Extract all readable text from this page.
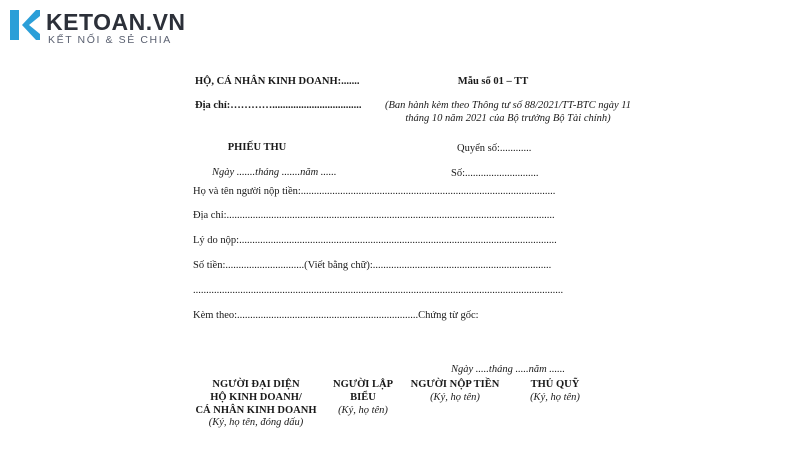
KETOAN.VN
KẾT NỐI & SẺ CHIA
HỘ, CÁ NHÂN KINH DOANH:.......
Địa chỉ:…………..................................
Mẫu số 01 – TT
(Ban hành kèm theo Thông tư số 88/2021/TT-BTC ngày 11 tháng 10 năm 2021 của Bộ trưởng Bộ Tài chính)
PHIẾU THU	Quyển số:............
Ngày .......tháng .......năm ......	Số:............................
Họ và tên người nộp tiền:.................................................................................................
Địa chỉ:.............................................................................................................................
Lý do nộp:.........................................................................................................................
Số tiền:..............................(Viết bằng chữ):....................................................................
.............................................................................................................................................
Kèm theo:.....................................................................Chứng từ gốc:
Ngày .....tháng .....năm ......
NGƯỜI ĐẠI DIỆN
HỘ KINH DOANH/
CÁ NHÂN KINH DOANH
(Ký, họ tên, đóng dấu)
NGƯỜI LẬP
BIỂU
(Ký, họ tên)
NGƯỜI NỘP TIỀN
(Ký, họ tên)
THỦ QUỸ
(Ký, họ tên)
